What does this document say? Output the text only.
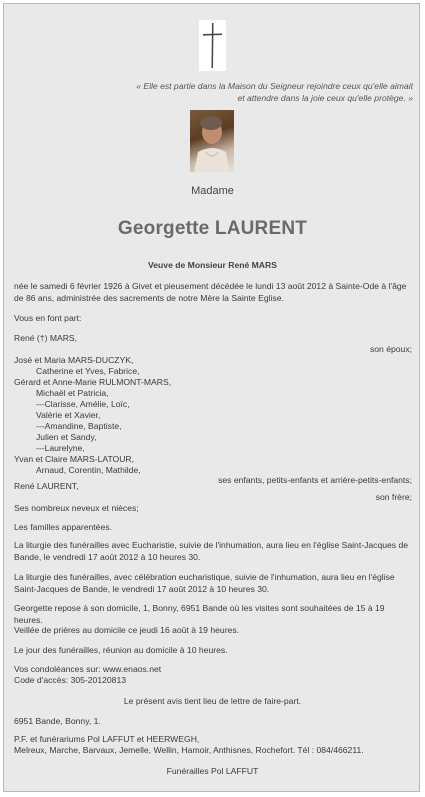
« Elle est partie dans la Maison du Seigneur rejoindre ceux qu'elle aimait
et attendre dans la joie ceux qu'elle protège. »
Madame
Georgette LAURENT
Veuve de Monsieur René MARS
née le samedi 6 février 1926 à Givet et pieusement décédée le lundi 13 août 2012 à Sainte-Ode à l'âge de 86 ans, administrée des sacrements de notre Mère la Sainte Eglise.
Vous en font part:
René (†) MARS,
son époux;
José et Maria MARS-DUCZYK,
Catherine et Yves, Fabrice,
Gérard et Anne-Marie RULMONT-MARS,
Michaël et Patricia,
---Clarisse, Amélie, Loïc,
Valérie et Xavier,
---Amandine, Baptiste,
Julien et Sandy,
---Laurelyne,
Yvan et Claire MARS-LATOUR,
Arnaud, Corentin, Mathilde,
ses enfants, petits-enfants et arrière-petits-enfants;
René LAURENT,
son frère;
Ses nombreux neveux et nièces;
Les familles apparentées.
La liturgie des funérailles avec Eucharistie, suivie de l'inhumation, aura lieu en l'église Saint-Jacques de Bande, le vendredi 17 août 2012 à 10 heures 30.
La liturgie des funérailles, avec célébration eucharistique, suivie de l'inhumation, aura lieu en l'église Saint-Jacques de Bande, le vendredi 17 août 2012 à 10 heures 30.
Georgette repose à son domicile, 1, Bonny, 6951 Bande où les visites sont souhaitées de 15 à 19 heures.
Veillée de prières au domicile ce jeudi 16 août à 19 heures.
Le jour des funérailles, réunion au domicile à 10 heures.
Vos condoléances sur: www.enaos.net
Code d'accès: 305-20120813
Le présent avis tient lieu de lettre de faire-part.
6951 Bande, Bonny, 1.
P.F. et funérariums Pol LAFFUT et HEERWEGH,
Melreux, Marche, Barvaux, Jemelle, Wellin, Hamoir, Anthisnes, Rochefort. Tél : 084/466211.
Funérailles Pol LAFFUT
